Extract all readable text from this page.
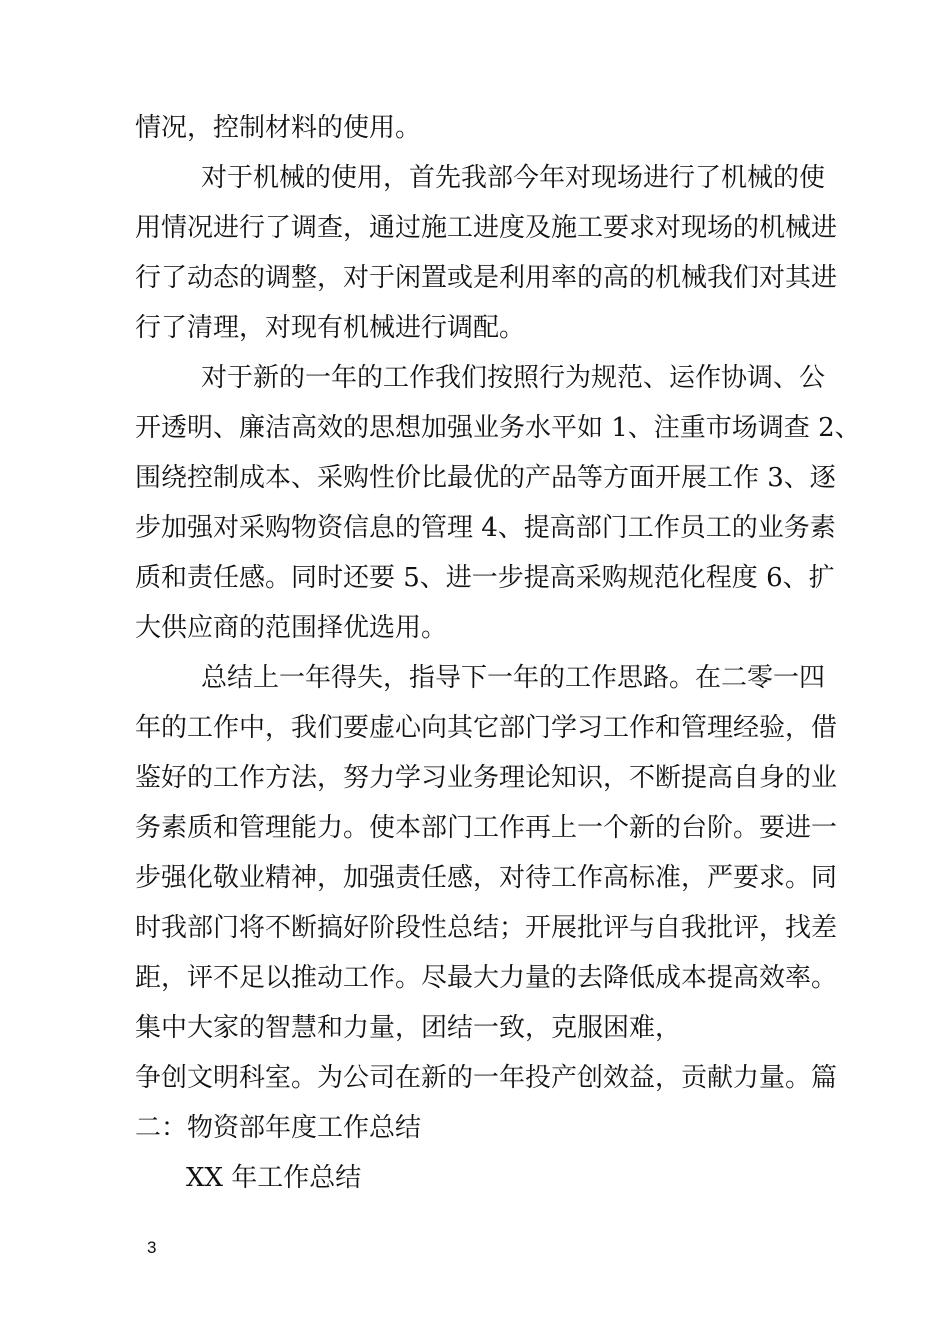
情况，控制材料的使用。
对于机械的使用，首先我部今年对现场进行了机械的使
用情况进行了调查，通过施工进度及施工要求对现场的机械进
行了动态的调整，对于闲置或是利用率的高的机械我们对其进
行了清理，对现有机械进行调配。
对于新的一年的工作我们按照行为规范、运作协调、公
开透明、廉洁高效的思想加强业务水平如 1、注重市场调查 2、
围绕控制成本、采购性价比最优的产品等方面开展工作 3、逐
步加强对采购物资信息的管理 4、提高部门工作员工的业务素
质和责任感。同时还要 5、进一步提高采购规范化程度 6、扩
大供应商的范围择优选用。
总结上一年得失，指导下一年的工作思路。在二零一四
年的工作中，我们要虚心向其它部门学习工作和管理经验，借
鉴好的工作方法，努力学习业务理论知识，不断提高自身的业
务素质和管理能力。使本部门工作再上一个新的台阶。要进一
步强化敬业精神，加强责任感，对待工作高标准，严要求。同
时我部门将不断搞好阶段性总结；开展批评与自我批评，找差
距，评不足以推动工作。尽最大力量的去降低成本提高效率。
集中大家的智慧和力量，团结一致，克服困难，
争创文明科室。为公司在新的一年投产创效益，贡献力量。篇
二：物资部年度工作总结
XX 年工作总结
3
